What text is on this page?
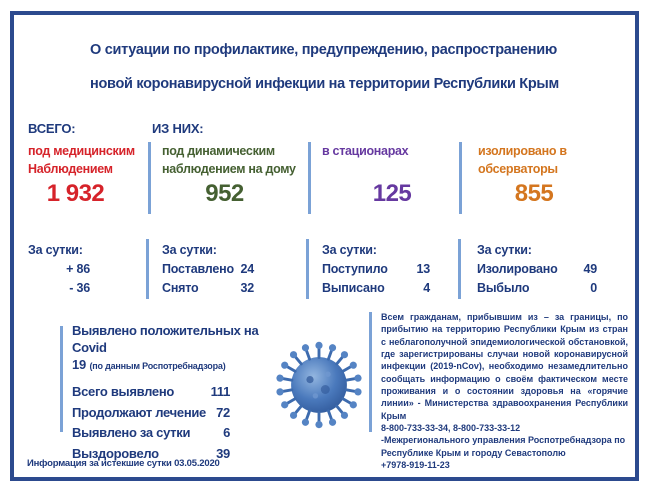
О ситуации по профилактике, предупреждению, распространению
новой коронавирусной инфекции на территории Республики Крым
ВСЕГО:	ИЗ НИХ:
под медицинским
Наблюдением
1 932
под динамическим
наблюдением на дому
952
в стационарах
125
изолировано в
обсерваторы
855
За сутки:
+ 86
- 36
За сутки:
Поставлено 24
Снято	32
За сутки:
Поступило 13
Выписано	4
За сутки:
Изолировано 49
Выбыло	0
Выявлено положительных на Covid
19 (по данным Роспотребнадзора)
Всего выявлено	111
Продолжают лечение 72
Выявлено за сутки	6
Выздоровело	39

Всем гражданам, прибывшим из – за границы, по прибытию на территорию Республики Крым из стран с неблагополучной эпидемиологической обстановкой, где зарегистрированы случаи новой коронавирусной инфекции (2019-nCov), необходимо незамедлительно сообщать информацию о своём фактическом месте проживания и о состоянии здоровья на «горячие линии» - Министерства здравоохранения Республики Крым

8-800-733-33-34, 8-800-733-33-12
-Межрегионального управления Роспотребнадзора по Республике Крым и городу Севастополю
+7978-919-11-23
Информация за истекшие сутки 03.05.2020
